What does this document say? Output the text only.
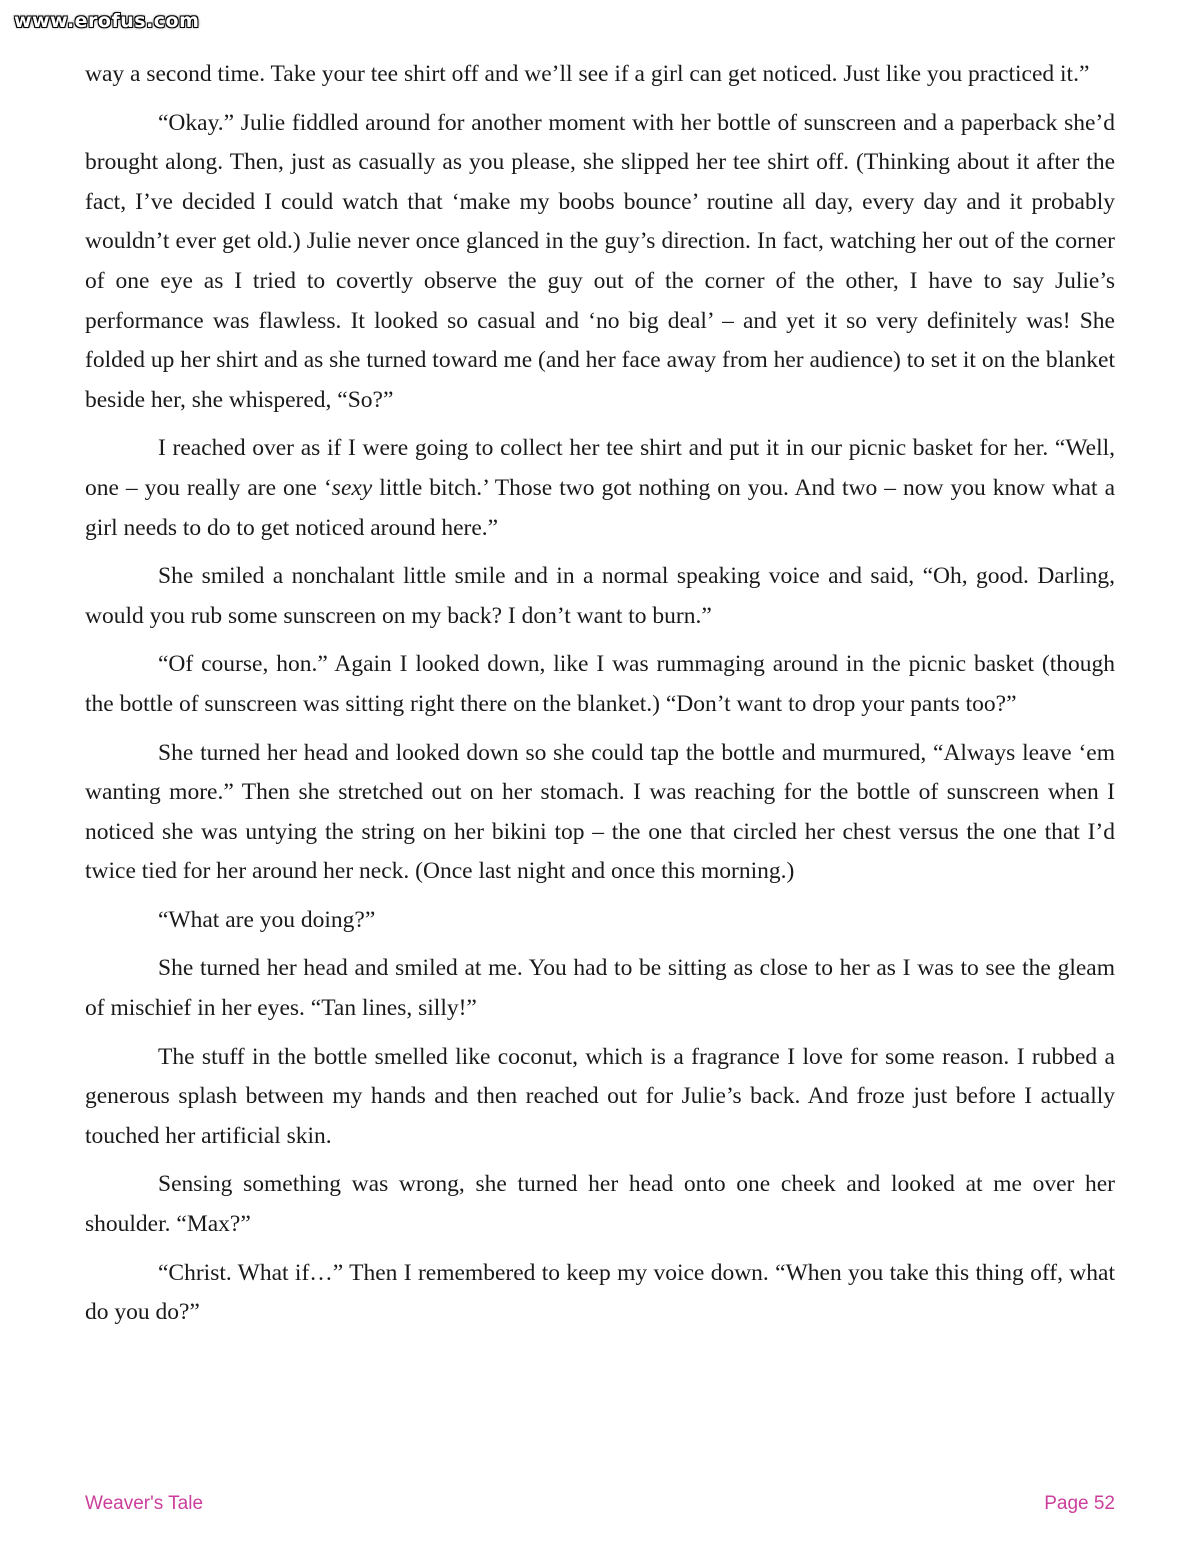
www.erofus.com

way a second time. Take your tee shirt off and we’ll see if a girl can get noticed. Just like you practiced it.”

“Okay.” Julie fiddled around for another moment with her bottle of sunscreen and a paperback she’d brought along. Then, just as casually as you please, she slipped her tee shirt off. (Thinking about it after the fact, I’ve decided I could watch that ‘make my boobs bounce’ routine all day, every day and it probably wouldn’t ever get old.) Julie never once glanced in the guy’s direction. In fact, watching her out of the corner of one eye as I tried to covertly observe the guy out of the corner of the other, I have to say Julie’s performance was flawless. It looked so casual and ‘no big deal’ – and yet it so very definitely was! She folded up her shirt and as she turned toward me (and her face away from her audience) to set it on the blanket beside her, she whispered, “So?”

I reached over as if I were going to collect her tee shirt and put it in our picnic basket for her. “Well, one – you really are one ‘sexy little bitch.’ Those two got nothing on you. And two – now you know what a girl needs to do to get noticed around here.”

She smiled a nonchalant little smile and in a normal speaking voice and said, “Oh, good. Darling, would you rub some sunscreen on my back? I don’t want to burn.”

“Of course, hon.” Again I looked down, like I was rummaging around in the picnic basket (though the bottle of sunscreen was sitting right there on the blanket.) “Don’t want to drop your pants too?”

She turned her head and looked down so she could tap the bottle and murmured, “Always leave ‘em wanting more.” Then she stretched out on her stomach. I was reaching for the bottle of sunscreen when I noticed she was untying the string on her bikini top – the one that circled her chest versus the one that I’d twice tied for her around her neck. (Once last night and once this morning.)

“What are you doing?”

She turned her head and smiled at me. You had to be sitting as close to her as I was to see the gleam of mischief in her eyes. “Tan lines, silly!”

The stuff in the bottle smelled like coconut, which is a fragrance I love for some reason. I rubbed a generous splash between my hands and then reached out for Julie’s back. And froze just before I actually touched her artificial skin.

Sensing something was wrong, she turned her head onto one cheek and looked at me over her shoulder. “Max?”

“Christ. What if…” Then I remembered to keep my voice down. “When you take this thing off, what do you do?”

Weaver's Tale	Page 52
